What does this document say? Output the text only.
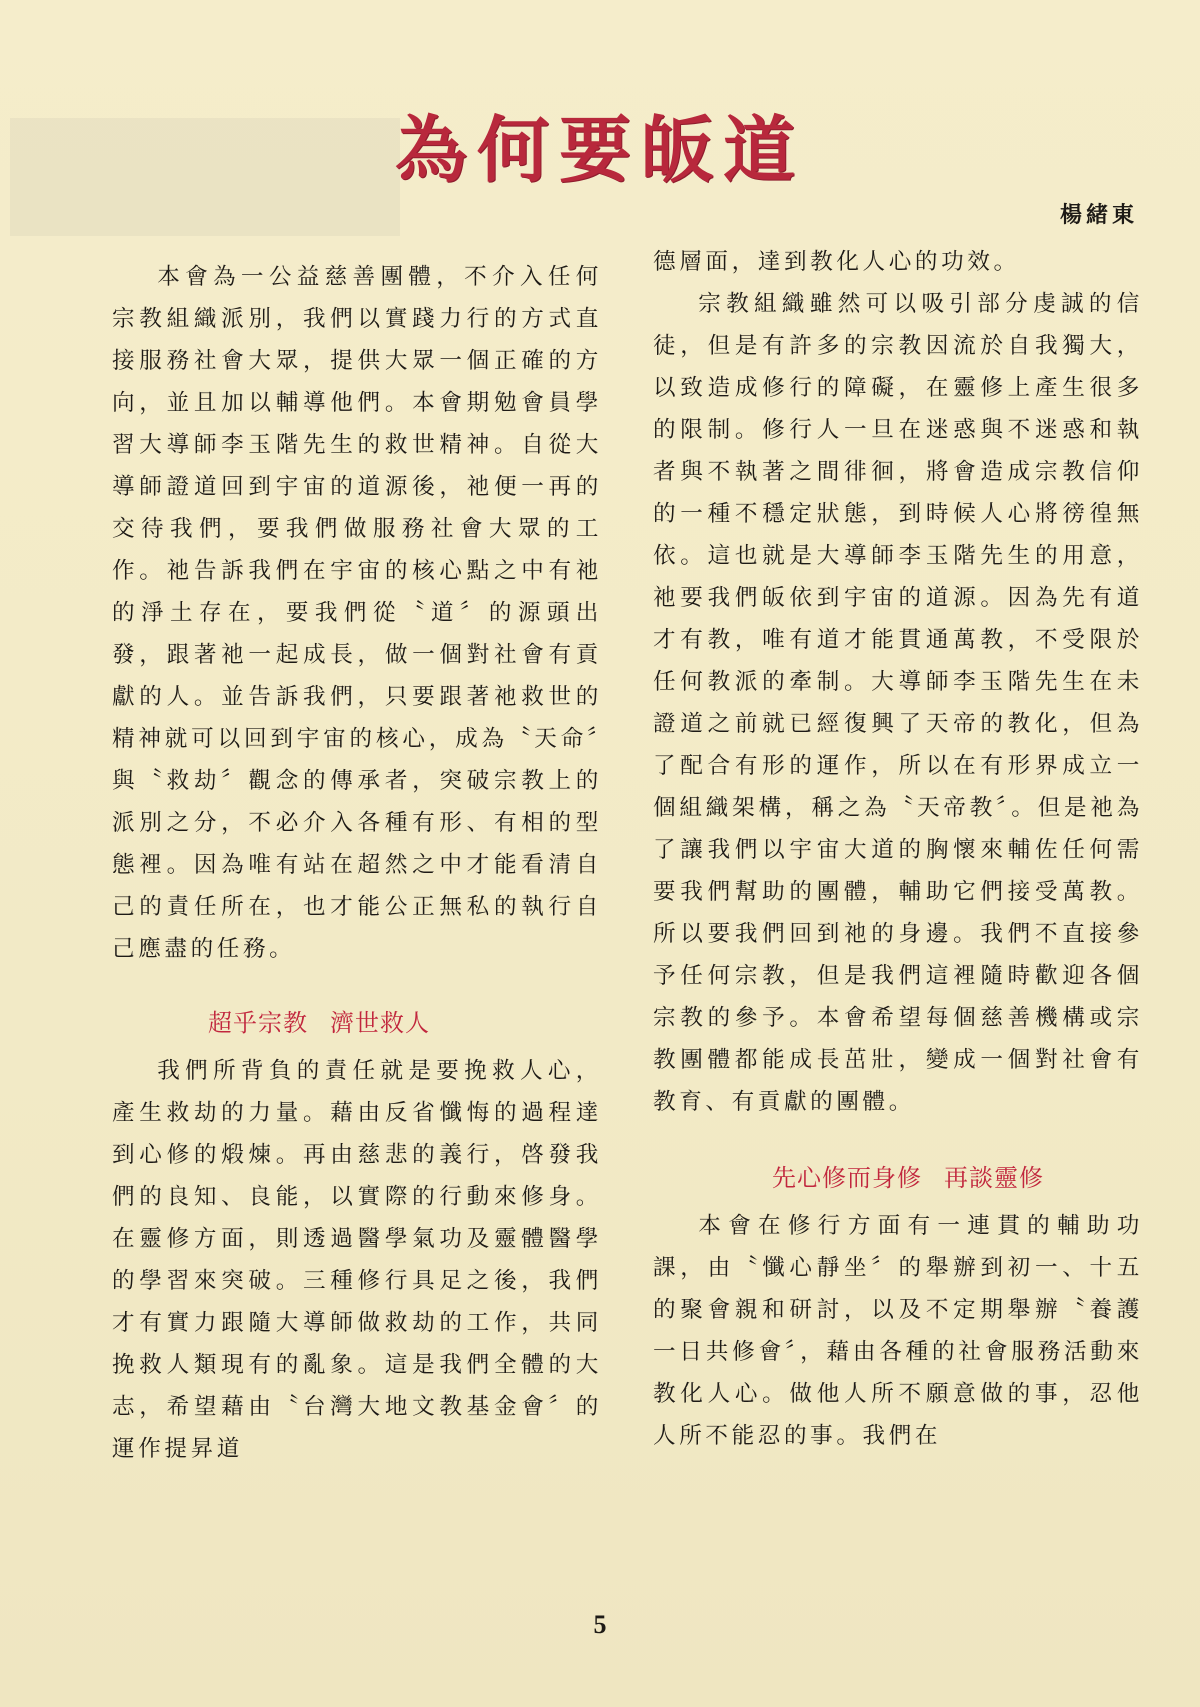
為何要皈道
楊緒東

本會為一公益慈善團體，不介入任何宗教組織派別，我們以實踐力行的方式直接服務社會大眾，提供大眾一個正確的方向，並且加以輔導他們。本會期勉會員學習大導師李玉階先生的救世精神。自從大導師證道回到宇宙的道源後，祂便一再的交待我們，要我們做服務社會大眾的工作。祂告訴我們在宇宙的核心點之中有祂的淨土存在，要我們從〝道〞的源頭出發，跟著祂一起成長，做一個對社會有貢獻的人。並告訴我們，只要跟著祂救世的精神就可以回到宇宙的核心，成為〝天命〞與〝救劫〞觀念的傳承者，突破宗教上的派別之分，不必介入各種有形、有相的型態裡。因為唯有站在超然之中才能看清自己的責任所在，也才能公正無私的執行自己應盡的任務。

超乎宗教 濟世救人

我們所背負的責任就是要挽救人心，產生救劫的力量。藉由反省懺悔的過程達到心修的煅煉。再由慈悲的義行，啓發我們的良知、良能，以實際的行動來修身。在靈修方面，則透過醫學氣功及靈體醫學的學習來突破。三種修行具足之後，我們才有實力跟隨大導師做救劫的工作，共同挽救人類現有的亂象。這是我們全體的大志，希望藉由〝台灣大地文教基金會〞的運作提昇道

德層面，達到教化人心的功效。

宗教組織雖然可以吸引部分虔誠的信徒，但是有許多的宗教因流於自我獨大，以致造成修行的障礙，在靈修上產生很多的限制。修行人一旦在迷惑與不迷惑和執者與不執著之間徘徊，將會造成宗教信仰的一種不穩定狀態，到時候人心將徬徨無依。這也就是大導師李玉階先生的用意，祂要我們皈依到宇宙的道源。因為先有道才有教，唯有道才能貫通萬教，不受限於任何教派的牽制。大導師李玉階先生在未證道之前就已經復興了天帝的教化，但為了配合有形的運作，所以在有形界成立一個組織架構，稱之為〝天帝教〞。但是祂為了讓我們以宇宙大道的胸懷來輔佐任何需要我們幫助的團體，輔助它們接受萬教。所以要我們回到祂的身邊。我們不直接參予任何宗教，但是我們這裡隨時歡迎各個宗教的參予。本會希望每個慈善機構或宗教團體都能成長茁壯，變成一個對社會有教育、有貢獻的團體。

先心修而身修 再談靈修

本會在修行方面有一連貫的輔助功課，由〝懺心靜坐〞的舉辦到初一、十五的聚會親和研討，以及不定期舉辦〝養護一日共修會〞，藉由各種的社會服務活動來教化人心。做他人所不願意做的事，忍他人所不能忍的事。我們在

5
